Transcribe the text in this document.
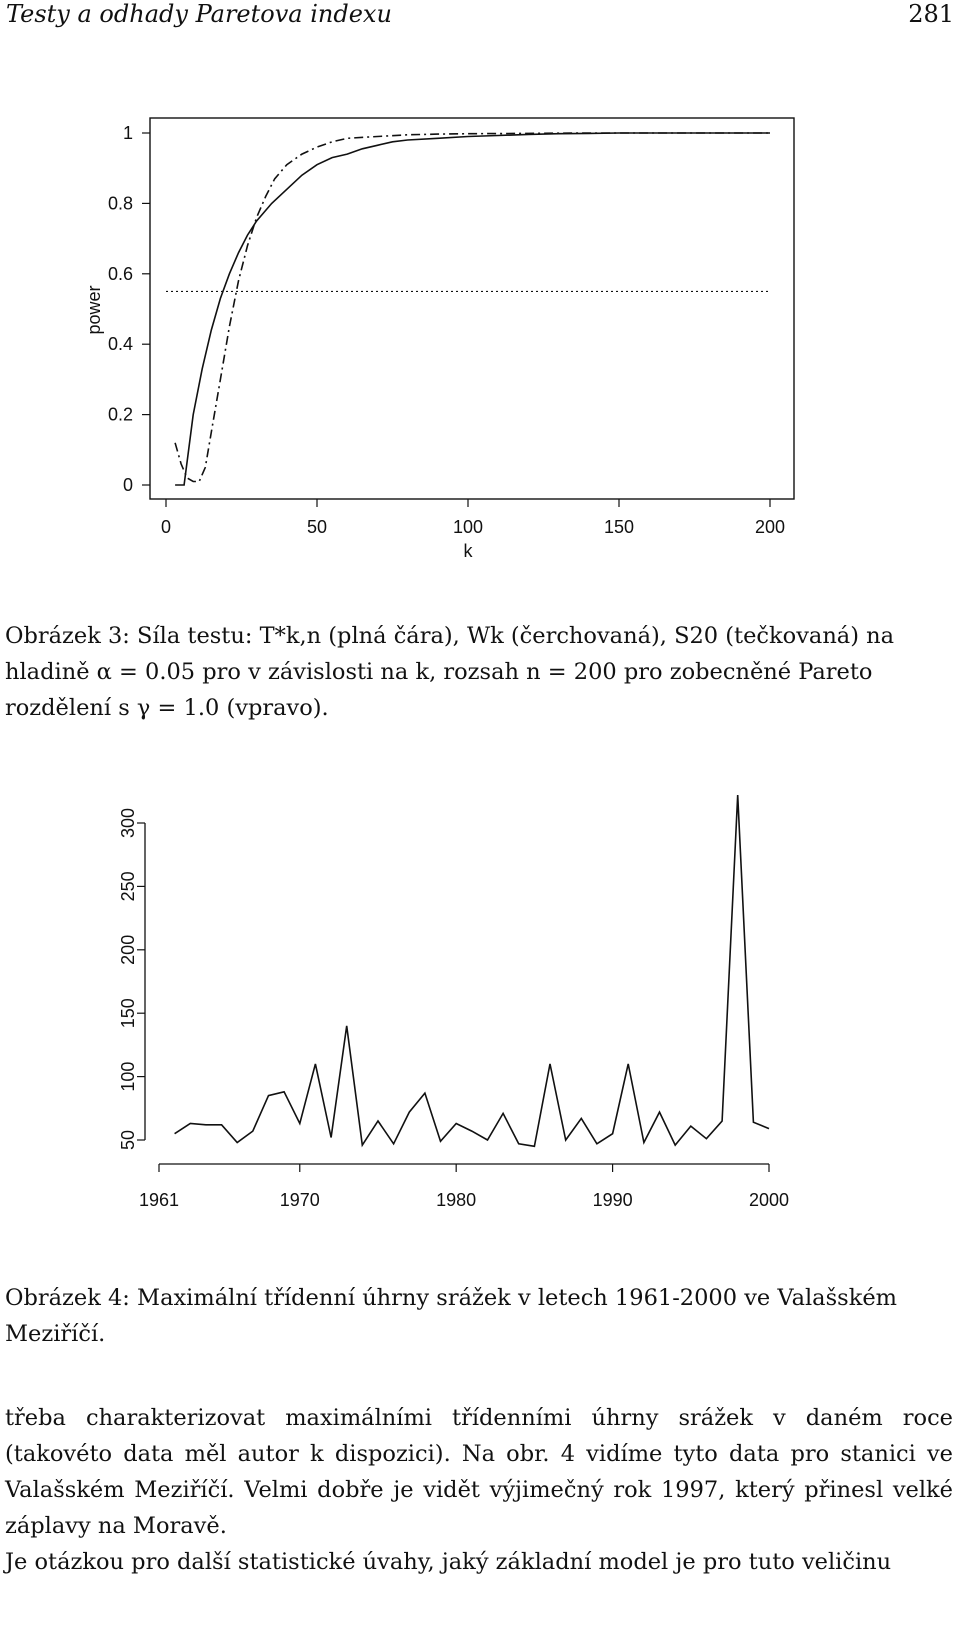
Testy a odhady Paretova indexu	281
0	50	100	150	200
0
0.2
0.4
0.6
0.8
1
k
power
Obrázek 3: Síla testu: T*k,n (plná čára), Wk (čerchovaná), S20 (tečkovaná) na hladině α = 0.05 pro v závislosti na k, rozsah n = 200 pro zobecněné Pareto rozdělení s γ = 1.0 (vpravo).
1961	1970	1980	1990	2000
50
100
150
200
250
300
Obrázek 4: Maximální třídenní úhrny srážek v letech 1961-2000 ve Valašském Meziříčí.

třeba charakterizovat maximálními třídenními úhrny srážek v daném roce (takovéto data měl autor k dispozici). Na obr. 4 vidíme tyto data pro stanici ve Valašském Meziříčí. Velmi dobře je vidět výjimečný rok 1997, který přinesl velké záplavy na Moravě.

Je otázkou pro další statistické úvahy, jaký základní model je pro tuto veličinu
